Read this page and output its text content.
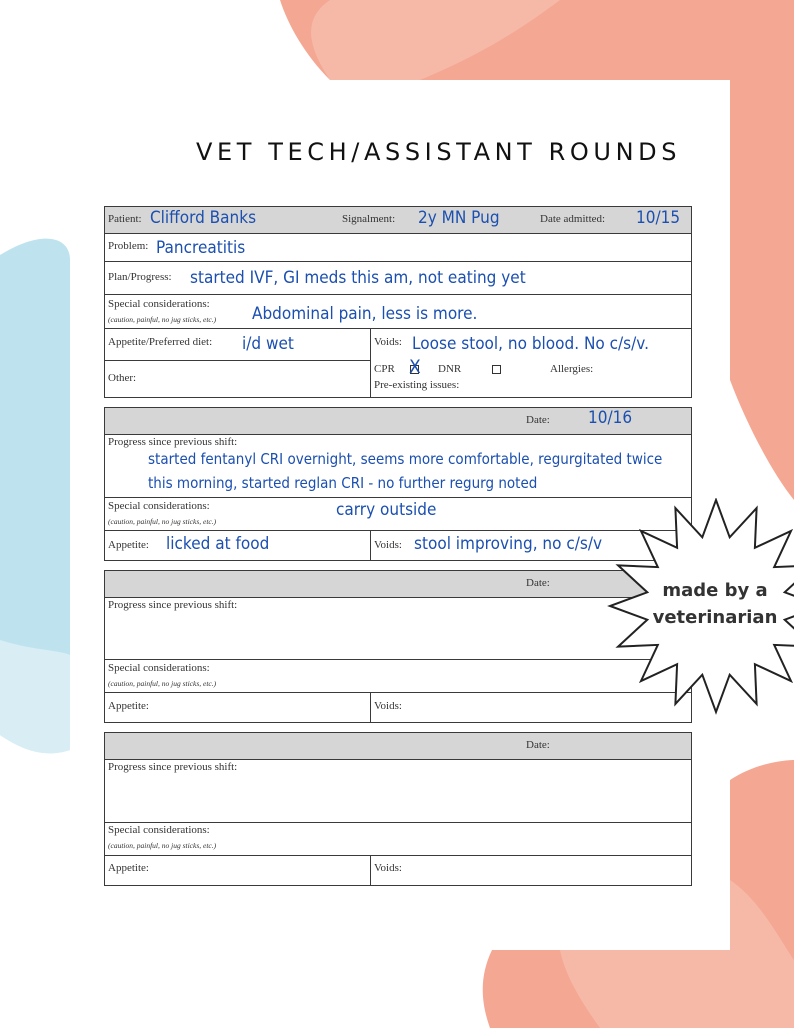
VET TECH/ASSISTANT ROUNDS
Patient: Clifford Banks	Signalment: 2y MN Pug	Date admitted: 10/15
Problem: Pancreatitis
Plan/Progress: started IVF, GI meds this am, not eating yet
Special considerations:
(caution, painful, no jug sticks, etc.) Abdominal pain, less is more.
Appetite/Preferred diet: i/d wet	Voids: Loose stool, no blood. No c/s/v.
Other:
CPR X DNR	Allergies:
Pre-existing issues:
Date: 10/16
Progress since previous shift:
started fentanyl CRI overnight, seems more comfortable, regurgitated twice
this morning, started reglan CRI - no further regurg noted
Special considerations:
(caution, painful, no jug sticks, etc.)
carry outside
Appetite: licked at food	Voids: stool improving, no c/s/v
Date:
Progress since previous shift:
Special considerations:
(caution, painful, no jug sticks, etc.)
Appetite:	Voids:
Date:
Progress since previous shift:
Special considerations:
(caution, painful, no jug sticks, etc.)
Appetite:	Voids:
made by a
veterinarian
